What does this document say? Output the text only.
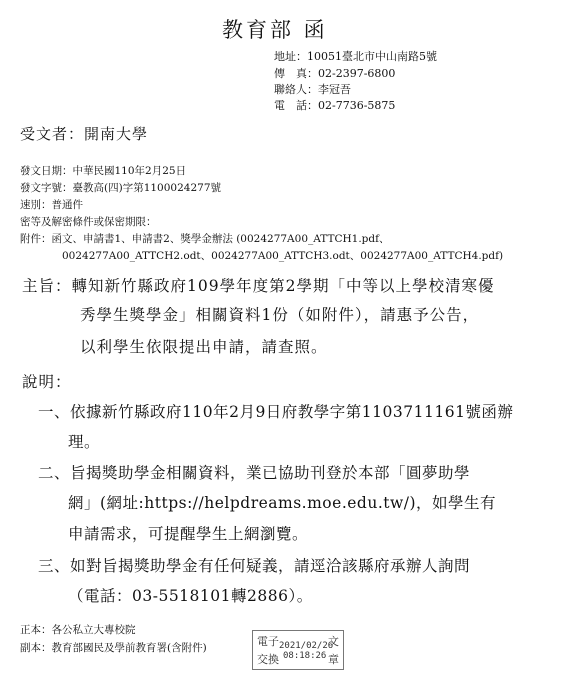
教育部 函
地址：10051臺北市中山南路5號
傳　真：02-2397-6800
聯絡人：李冠吾
電　話：02-7736-5875
受文者：開南大學
發文日期：中華民國110年2月25日
發文字號：臺教高(四)字第1100024277號
速別：普通件
密等及解密條件或保密期限：
附件：函文、申請書1、申請書2、獎學金辦法 (0024277A00_ATTCH1.pdf、
0024277A00_ATTCH2.odt、0024277A00_ATTCH3.odt、0024277A00_ATTCH4.pdf)
主旨：轉知新竹縣政府109學年度第2學期「中等以上學校清寒優
秀學生獎學金」相關資料1份（如附件），請惠予公告，
以利學生依限提出申請，請查照。
說明：
一、依據新竹縣政府110年2月9日府教學字第1103711161號函辦
理。
二、旨揭獎助學金相關資料，業已協助刊登於本部「圓夢助學
網」(網址:https://helpdreams.moe.edu.tw/)，如學生有
申請需求，可提醒學生上網瀏覽。
三、如對旨揭獎助學金有任何疑義，請逕洽該縣府承辦人詢問
（電話：03-5518101轉2886）。
正本：各公私立大專校院
副本：教育部國民及學前教育署(含附件)	電子
交換
文
章
2021/02/26
08:18:26
